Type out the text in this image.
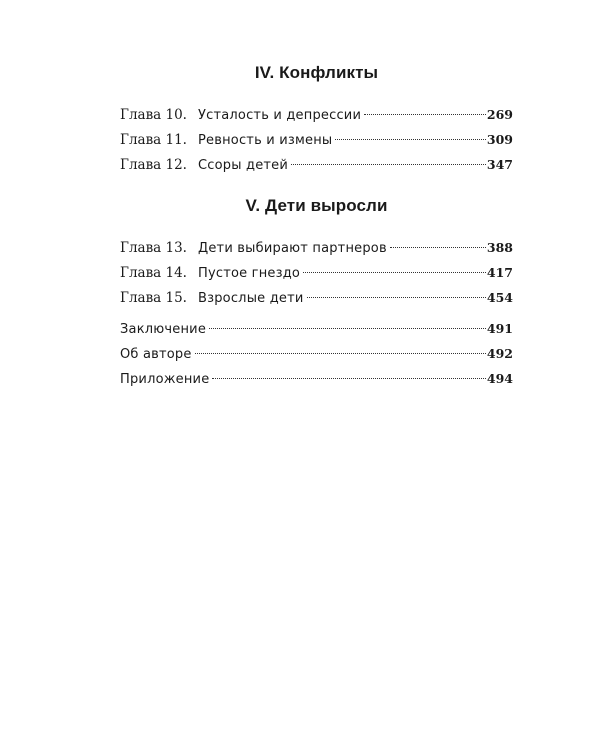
IV. Конфликты
Глава 10. Усталость и депрессии	269
Глава 11. Ревность и измены	309
Глава 12. Ссоры детей	347
V. Дети выросли
Глава 13. Дети выбирают партнеров	388
Глава 14. Пустое гнездо	417
Глава 15. Взрослые дети	454
Заключение	491
Об авторе	492
Приложение	494
